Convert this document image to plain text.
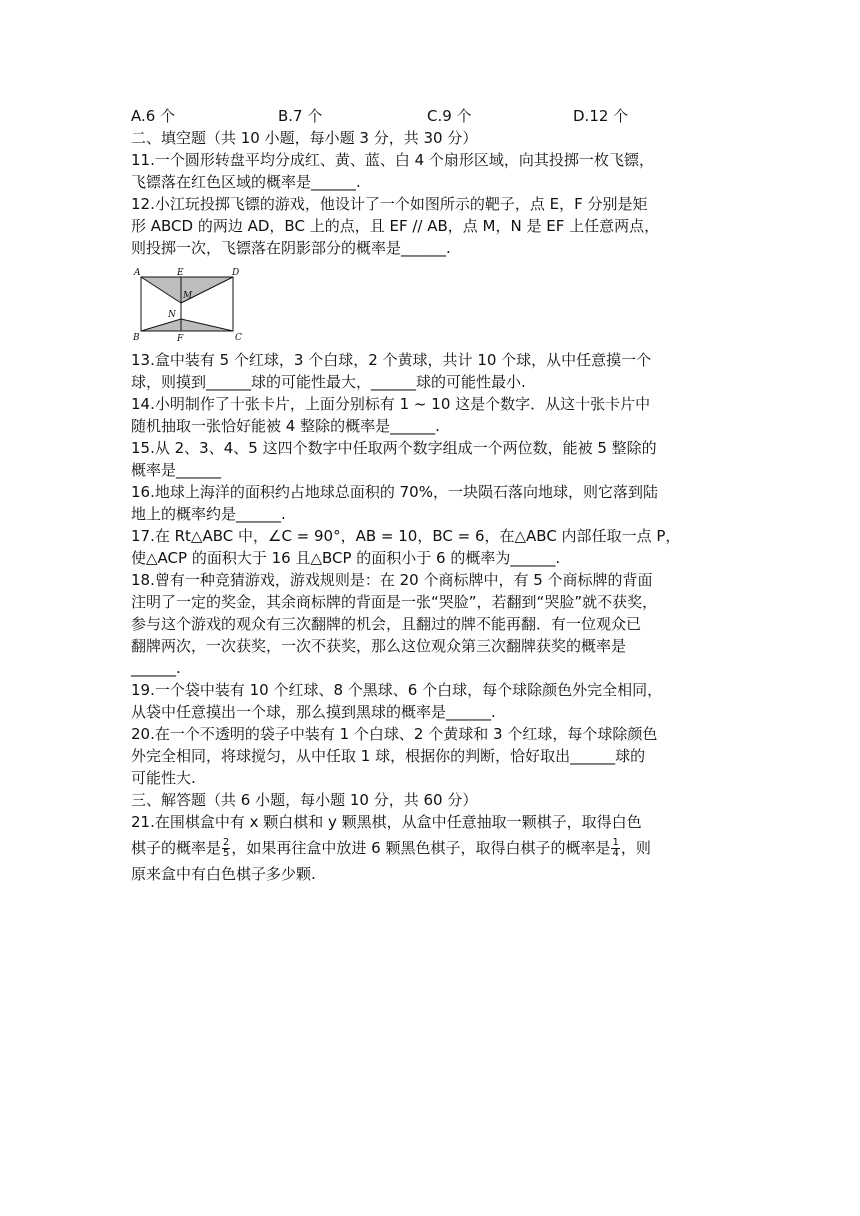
A.6 个	B.7 个	C.9 个	D.12 个
二、填空题（共 10 小题，每小题 3 分，共 30 分）
11.一个圆形转盘平均分成红、黄、蓝、白 4 个扇形区域，向其投掷一枚飞镖，
飞镖落在红色区域的概率是______.
12.小江玩投掷飞镖的游戏，他设计了一个如图所示的靶子，点 E，F 分别是矩
形 ABCD 的两边 AD，BC 上的点，且 EF // AB，点 M，N 是 EF 上任意两点，
则投掷一次，飞镖落在阴影部分的概率是______.
A	E	D
M
N
B	F	C
13.盒中装有 5 个红球，3 个白球，2 个黄球，共计 10 个球，从中任意摸一个
球，则摸到______球的可能性最大，______球的可能性最小.
14.小明制作了十张卡片，上面分别标有 1 ~ 10 这是个数字．从这十张卡片中
随机抽取一张恰好能被 4 整除的概率是______.
15.从 2、3、4、5 这四个数字中任取两个数字组成一个两位数，能被 5 整除的
概率是______
16.地球上海洋的面积约占地球总面积的 70%，一块陨石落向地球，则它落到陆
地上的概率约是______.
17.在 Rt△ABC 中，∠C = 90°，AB = 10，BC = 6，在△ABC 内部任取一点 P，
使△ACP 的面积大于 16 且△BCP 的面积小于 6 的概率为______.
18.曾有一种竞猜游戏，游戏规则是：在 20 个商标牌中，有 5 个商标牌的背面
注明了一定的奖金，其余商标牌的背面是一张“哭脸”，若翻到“哭脸”就不获奖，
参与这个游戏的观众有三次翻牌的机会，且翻过的牌不能再翻．有一位观众已
翻牌两次，一次获奖，一次不获奖，那么这位观众第三次翻牌获奖的概率是
______.
19.一个袋中装有 10 个红球、8 个黑球、6 个白球，每个球除颜色外完全相同，
从袋中任意摸出一个球，那么摸到黑球的概率是______.
20.在一个不透明的袋子中装有 1 个白球、2 个黄球和 3 个红球，每个球除颜色
外完全相同，将球搅匀，从中任取 1 球，根据你的判断，恰好取出______球的
可能性大.
三、解答题（共 6 小题，每小题 10 分，共 60 分）
21.在围棋盒中有 x 颗白棋和 y 颗黑棋，从盒中任意抽取一颗棋子，取得白色
棋子的概率是 $\frac{2}{5}$ ，如果再往盒中放进 6 颗黑色棋子，取得白棋子的概率是 $\frac{1}{4}$ ，则
原来盒中有白色棋子多少颗.
